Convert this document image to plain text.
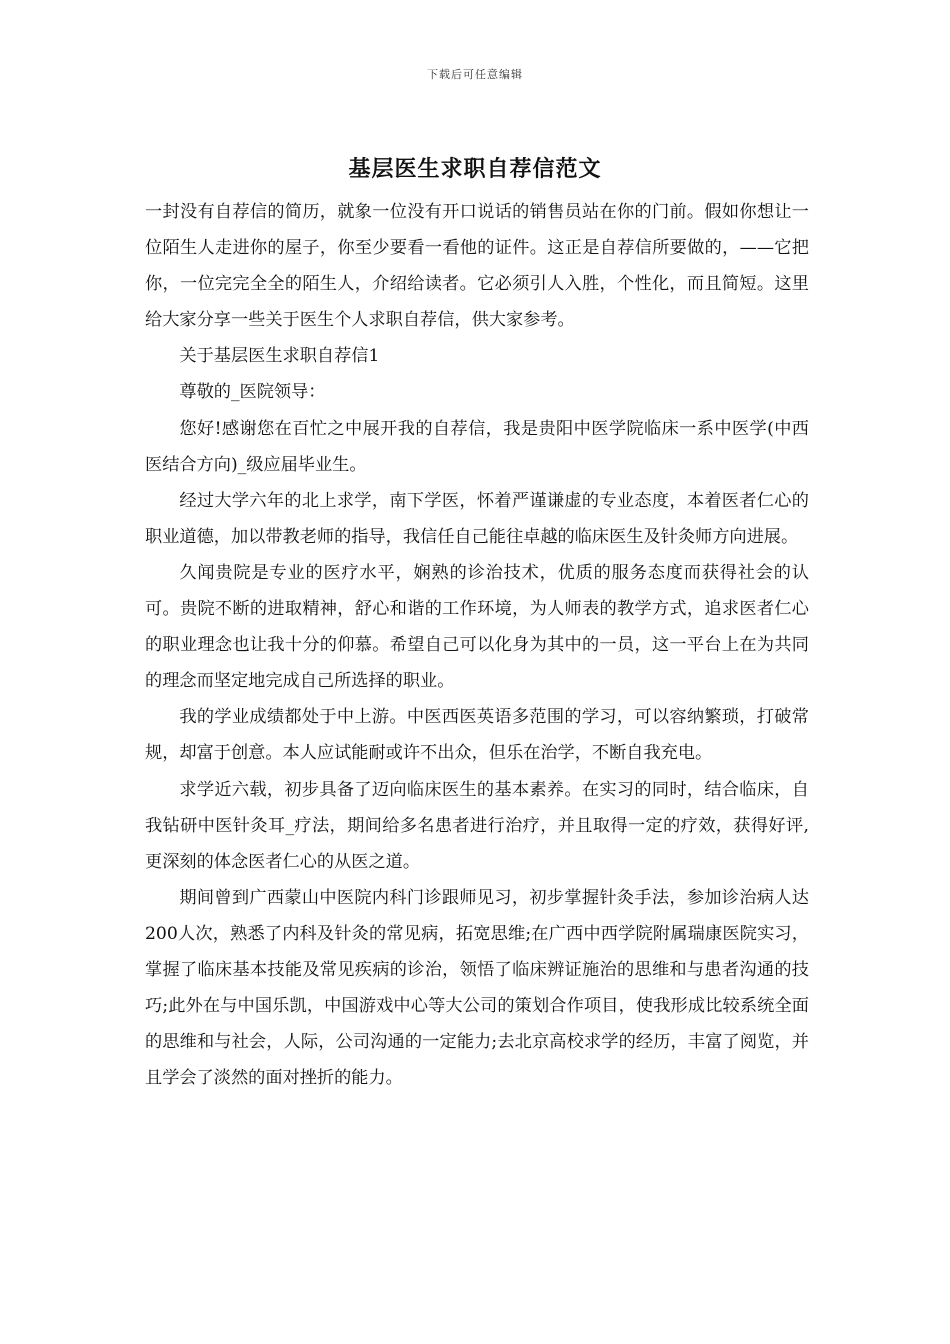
下载后可任意编辑
基层医生求职自荐信范文

一封没有自荐信的简历，就象一位没有开口说话的销售员站在你的门前。假如你想让一位陌生人走进你的屋子，你至少要看一看他的证件。这正是自荐信所要做的，——它把你，一位完完全全的陌生人，介绍给读者。它必须引人入胜，个性化，而且简短。这里给大家分享一些关于医生个人求职自荐信，供大家参考。

关于基层医生求职自荐信1

尊敬的_医院领导：

您好!感谢您在百忙之中展开我的自荐信，我是贵阳中医学院临床一系中医学(中西医结合方向)_级应届毕业生。

经过大学六年的北上求学，南下学医，怀着严谨谦虚的专业态度，本着医者仁心的职业道德，加以带教老师的指导，我信任自己能往卓越的临床医生及针灸师方向进展。

久闻贵院是专业的医疗水平，娴熟的诊治技术，优质的服务态度而获得社会的认可。贵院不断的进取精神，舒心和谐的工作环境，为人师表的教学方式，追求医者仁心的职业理念也让我十分的仰慕。希望自己可以化身为其中的一员，这一平台上在为共同的理念而坚定地完成自己所选择的职业。

我的学业成绩都处于中上游。中医西医英语多范围的学习，可以容纳繁琐，打破常规，却富于创意。本人应试能耐或许不出众，但乐在治学，不断自我充电。

求学近六载，初步具备了迈向临床医生的基本素养。在实习的同时，结合临床，自我钻研中医针灸耳_疗法，期间给多名患者进行治疗，并且取得一定的疗效，获得好评,更深刻的体念医者仁心的从医之道。

期间曾到广西蒙山中医院内科门诊跟师见习，初步掌握针灸手法，参加诊治病人达200人次，熟悉了内科及针灸的常见病，拓宽思维;在广西中西学院附属瑞康医院实习，掌握了临床基本技能及常见疾病的诊治，领悟了临床辨证施治的思维和与患者沟通的技巧;此外在与中国乐凯，中国游戏中心等大公司的策划合作项目，使我形成比较系统全面的思维和与社会，人际，公司沟通的一定能力;去北京高校求学的经历，丰富了阅览，并且学会了淡然的面对挫折的能力。
